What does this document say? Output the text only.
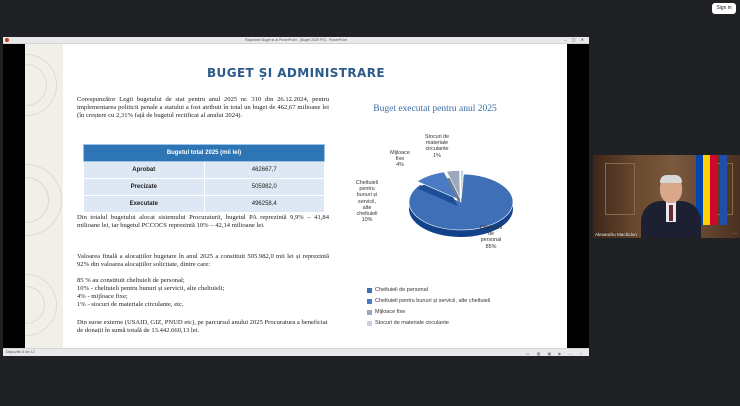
Sign in
Raportare Buget si al PowerPoint - (Buget 2025 PS) - PowerPoint	– ▢ ✕
BUGET ȘI ADMINISTRARE
Corespunzător Legii bugetului de stat pentru anul 2025 nr. 310 din 26.12.2024, pentru implementarea politicii penale a statului a fost atribuit în total un buget de 462,67 milioane lei (în creștere cu 2,31% față de bugetul rectificat al anului 2024).
Bugetul total 2025 (mii lei)	
Aprobat	462667,7
Precizate	505982,0
Executate	496258,4
Din totalul bugetului alocat sistemului Procuraturii, bugetul PA reprezintă 9,9% – 41,84 milioane lei, iar bugetul PCCOCS reprezintă 10% – 42,14 milioane lei.
Valoarea finală a alocațiilor bugetare în anul 2025 a constituit 505.982,0 mii lei și reprezintă 92% din valoarea alocațiilor solicitate, dintre care:
85 % au constituit cheltuieli de personal;
10% - cheltuieli pentru bunuri și servicii, alte cheltuieli;
4% - mijloace fixe;
1% - stocuri de materiale circulante, etc.
Din surse externe (USAID, GIZ, PNUD etc), pe parcursul anului 2025 Procuratura a beneficiat de donații în sumă totală de 13.442.660,13 lei.
Buget executat pentru anul 2025
Mijloace
fixe
4%
Stocuri de
materiale
circulante
1%
Cheltuieli
pentru
bunuri și
servicii,
alte
cheltuieli
10%
Cheltuieli
de
personal
85%
Cheltuieli de personal
Cheltuieli pentru bunuri și servicii, alte cheltuieli
Mijloace fixe
Stocuri de materiale circulante
Diapozitiv 5 din 12	▭ ▦ ▣ ▶ — +
Alexandru Machidon	⋯
